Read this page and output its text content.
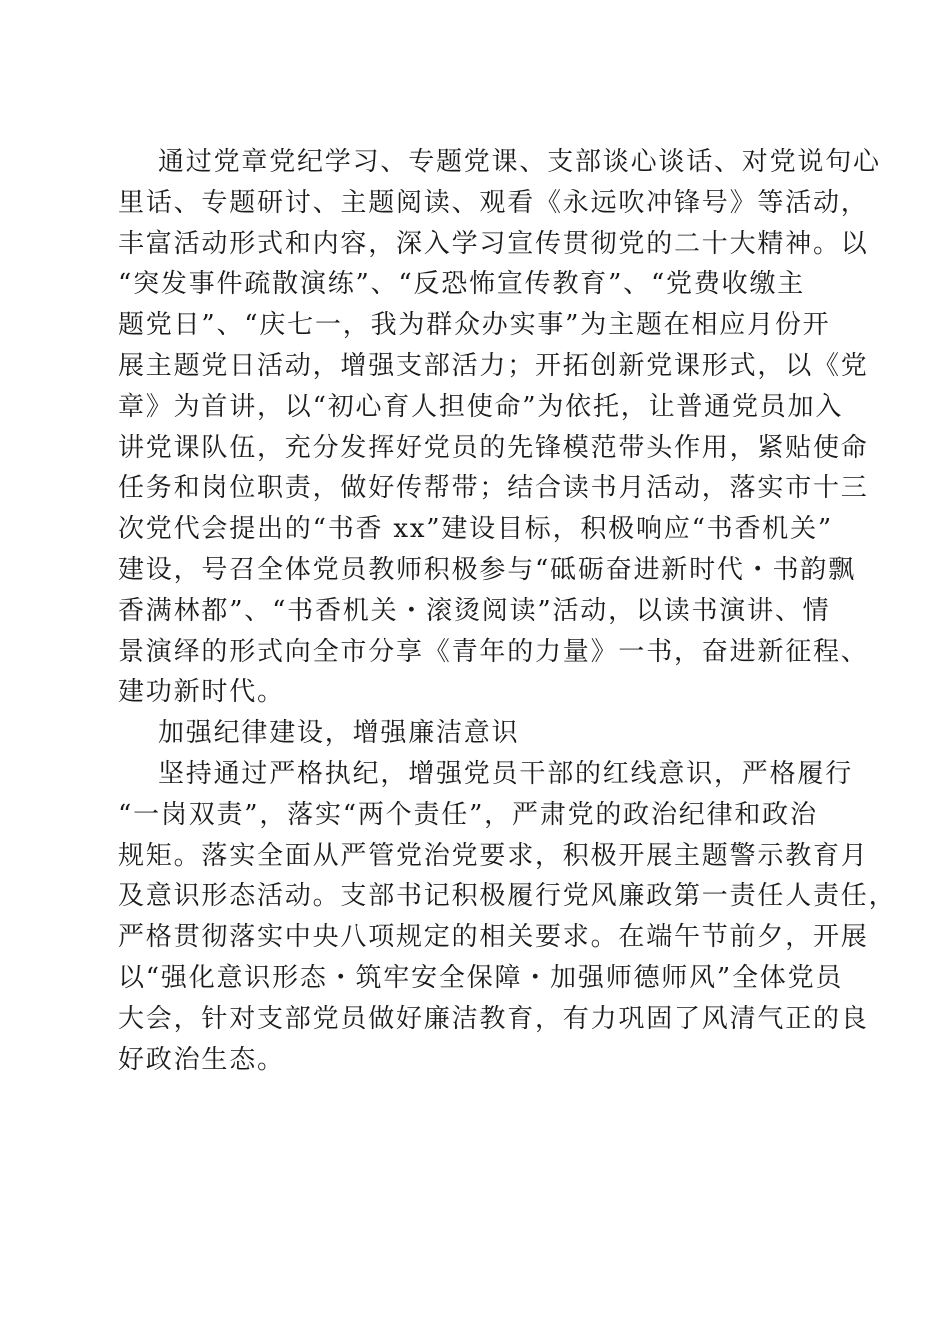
通过党章党纪学习、专题党课、支部谈心谈话、对党说句心
里话、专题研讨、主题阅读、观看《永远吹冲锋号》等活动，
丰富活动形式和内容，深入学习宣传贯彻党的二十大精神。以
“突发事件疏散演练”、“反恐怖宣传教育”、“党费收缴主
题党日”、“庆七一，我为群众办实事”为主题在相应月份开
展主题党日活动，增强支部活力；开拓创新党课形式，以《党
章》为首讲，以“初心育人担使命”为依托，让普通党员加入
讲党课队伍，充分发挥好党员的先锋模范带头作用，紧贴使命
任务和岗位职责，做好传帮带；结合读书月活动，落实市十三
次党代会提出的“书香 xx”建设目标，积极响应“书香机关”
建设，号召全体党员教师积极参与“砥砺奋进新时代・书韵飘
香满林都”、“书香机关・滚烫阅读”活动，以读书演讲、情
景演绎的形式向全市分享《青年的力量》一书，奋进新征程、
建功新时代。
加强纪律建设，增强廉洁意识
坚持通过严格执纪，增强党员干部的红线意识，严格履行
“一岗双责”，落实“两个责任”，严肃党的政治纪律和政治
规矩。落实全面从严管党治党要求，积极开展主题警示教育月
及意识形态活动。支部书记积极履行党风廉政第一责任人责任，
严格贯彻落实中央八项规定的相关要求。在端午节前夕，开展
以“强化意识形态・筑牢安全保障・加强师德师风”全体党员
大会，针对支部党员做好廉洁教育，有力巩固了风清气正的良
好政治生态。
